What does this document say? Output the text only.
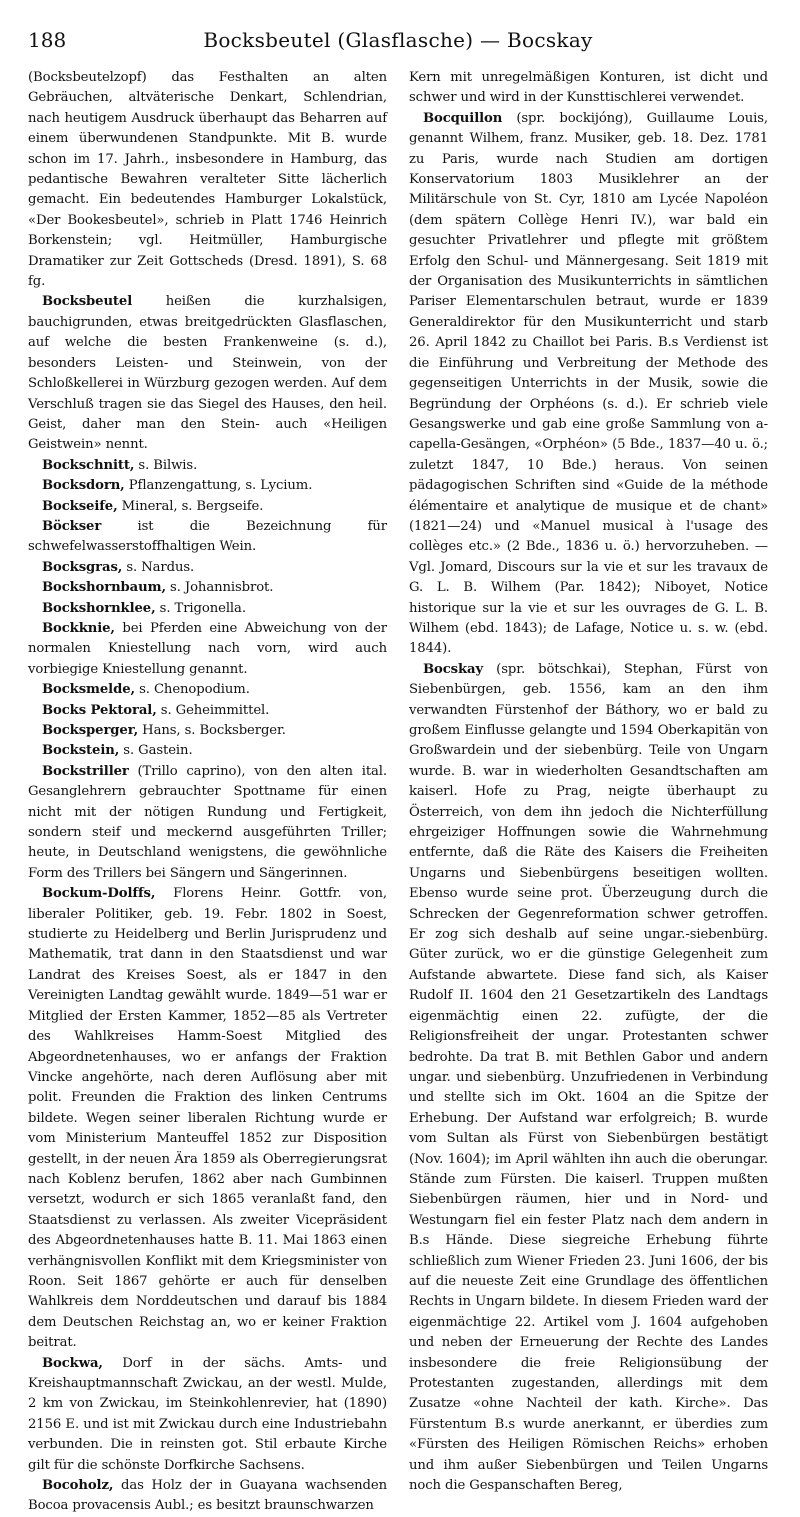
188	Bocksbeutel (Glasflasche) — Bocskay

(Bocksbeutelzopf) das Festhalten an alten Gebräuchen, altväterische Denkart, Schlendrian, nach heutigem Ausdruck überhaupt das Beharren auf einem überwundenen Standpunkte. Mit B. wurde schon im 17. Jahrh., insbesondere in Hamburg, das pedantische Bewahren veralteter Sitte lächerlich gemacht. Ein bedeutendes Hamburger Lokalstück, «Der Bookesbeutel», schrieb in Platt 1746 Heinrich Borkenstein; vgl. Heitmüller, Hamburgische Dramatiker zur Zeit Gottscheds (Dresd. 1891), S. 68 fg.

Bocksbeutel heißen die kurzhalsigen, bauchigrunden, etwas breitgedrückten Glasflaschen, auf welche die besten Frankenweine (s. d.), besonders Leisten- und Steinwein, von der Schloßkellerei in Würzburg gezogen werden. Auf dem Verschluß tragen sie das Siegel des Hauses, den heil. Geist, daher man den Stein- auch «Heiligen Geistwein» nennt.

Bockschnitt, s. Bilwis.

Bocksdorn, Pflanzengattung, s. Lycium.

Bockseife, Mineral, s. Bergseife.

Böckser ist die Bezeichnung für schwefelwasserstoffhaltigen Wein.

Bocksgras, s. Nardus.

Bockshornbaum, s. Johannisbrot.

Bockshornklee, s. Trigonella.

Bockknie, bei Pferden eine Abweichung von der normalen Kniestellung nach vorn, wird auch vorbiegige Kniestellung genannt.

Bocksmelde, s. Chenopodium.

Bocks Pektoral, s. Geheimmittel.

Bocksperger, Hans, s. Bocksberger.

Bockstein, s. Gastein.

Bockstriller (Trillo caprino), von den alten ital. Gesanglehrern gebrauchter Spottname für einen nicht mit der nötigen Rundung und Fertigkeit, sondern steif und meckernd ausgeführten Triller; heute, in Deutschland wenigstens, die gewöhnliche Form des Trillers bei Sängern und Sängerinnen.

Bockum-Dolffs, Florens Heinr. Gottfr. von, liberaler Politiker, geb. 19. Febr. 1802 in Soest, studierte zu Heidelberg und Berlin Jurisprudenz und Mathematik, trat dann in den Staatsdienst und war Landrat des Kreises Soest, als er 1847 in den Vereinigten Landtag gewählt wurde. 1849—51 war er Mitglied der Ersten Kammer, 1852—85 als Vertreter des Wahlkreises Hamm-Soest Mitglied des Abgeordnetenhauses, wo er anfangs der Fraktion Vincke angehörte, nach deren Auflösung aber mit polit. Freunden die Fraktion des linken Centrums bildete. Wegen seiner liberalen Richtung wurde er vom Ministerium Manteuffel 1852 zur Disposition gestellt, in der neuen Ära 1859 als Oberregierungsrat nach Koblenz berufen, 1862 aber nach Gumbinnen versetzt, wodurch er sich 1865 veranlaßt fand, den Staatsdienst zu verlassen. Als zweiter Vicepräsident des Abgeordnetenhauses hatte B. 11. Mai 1863 einen verhängnisvollen Konflikt mit dem Kriegsminister von Roon. Seit 1867 gehörte er auch für denselben Wahlkreis dem Norddeutschen und darauf bis 1884 dem Deutschen Reichstag an, wo er keiner Fraktion beitrat.

Bockwa, Dorf in der sächs. Amts- und Kreishauptmannschaft Zwickau, an der westl. Mulde, 2 km von Zwickau, im Steinkohlenrevier, hat (1890) 2156 E. und ist mit Zwickau durch eine Industriebahn verbunden. Die in reinsten got. Stil erbaute Kirche gilt für die schönste Dorfkirche Sachsens.

Bocoholz, das Holz der in Guayana wachsenden Bocoa provacensis Aubl.; es besitzt braunschwarzen

Kern mit unregelmäßigen Konturen, ist dicht und schwer und wird in der Kunsttischlerei verwendet.

Bocquillon (spr. bockijóng), Guillaume Louis, genannt Wilhem, franz. Musiker, geb. 18. Dez. 1781 zu Paris, wurde nach Studien am dortigen Konservatorium 1803 Musiklehrer an der Militärschule von St. Cyr, 1810 am Lycée Napoléon (dem spätern Collège Henri IV.), war bald ein gesuchter Privatlehrer und pflegte mit größtem Erfolg den Schul- und Männergesang. Seit 1819 mit der Organisation des Musikunterrichts in sämtlichen Pariser Elementarschulen betraut, wurde er 1839 Generaldirektor für den Musikunterricht und starb 26. April 1842 zu Chaillot bei Paris. B.s Verdienst ist die Einführung und Verbreitung der Methode des gegenseitigen Unterrichts in der Musik, sowie die Begründung der Orphéons (s. d.). Er schrieb viele Gesangswerke und gab eine große Sammlung von a-capella-Gesängen, «Orphéon» (5 Bde., 1837—40 u. ö.; zuletzt 1847, 10 Bde.) heraus. Von seinen pädagogischen Schriften sind «Guide de la méthode élémentaire et analytique de musique et de chant» (1821—24) und «Manuel musical à l'usage des collèges etc.» (2 Bde., 1836 u. ö.) hervorzuheben. — Vgl. Jomard, Discours sur la vie et sur les travaux de G. L. B. Wilhem (Par. 1842); Niboyet, Notice historique sur la vie et sur les ouvrages de G. L. B. Wilhem (ebd. 1843); de Lafage, Notice u. s. w. (ebd. 1844).

Bocskay (spr. bötschkai), Stephan, Fürst von Siebenbürgen, geb. 1556, kam an den ihm verwandten Fürstenhof der Báthory, wo er bald zu großem Einflusse gelangte und 1594 Oberkapitän von Großwardein und der siebenbürg. Teile von Ungarn wurde. B. war in wiederholten Gesandtschaften am kaiserl. Hofe zu Prag, neigte überhaupt zu Österreich, von dem ihn jedoch die Nichterfüllung ehrgeiziger Hoffnungen sowie die Wahrnehmung entfernte, daß die Räte des Kaisers die Freiheiten Ungarns und Siebenbürgens beseitigen wollten. Ebenso wurde seine prot. Überzeugung durch die Schrecken der Gegenreformation schwer getroffen. Er zog sich deshalb auf seine ungar.-siebenbürg. Güter zurück, wo er die günstige Gelegenheit zum Aufstande abwartete. Diese fand sich, als Kaiser Rudolf II. 1604 den 21 Gesetzartikeln des Landtags eigenmächtig einen 22. zufügte, der die Religionsfreiheit der ungar. Protestanten schwer bedrohte. Da trat B. mit Bethlen Gabor und andern ungar. und siebenbürg. Unzufriedenen in Verbindung und stellte sich im Okt. 1604 an die Spitze der Erhebung. Der Aufstand war erfolgreich; B. wurde vom Sultan als Fürst von Siebenbürgen bestätigt (Nov. 1604); im April wählten ihn auch die oberungar. Stände zum Fürsten. Die kaiserl. Truppen mußten Siebenbürgen räumen, hier und in Nord- und Westungarn fiel ein fester Platz nach dem andern in B.s Hände. Diese siegreiche Erhebung führte schließlich zum Wiener Frieden 23. Juni 1606, der bis auf die neueste Zeit eine Grundlage des öffentlichen Rechts in Ungarn bildete. In diesem Frieden ward der eigenmächtige 22. Artikel vom J. 1604 aufgehoben und neben der Erneuerung der Rechte des Landes insbesondere die freie Religionsübung der Protestanten zugestanden, allerdings mit dem Zusatze «ohne Nachteil der kath. Kirche». Das Fürstentum B.s wurde anerkannt, er überdies zum «Fürsten des Heiligen Römischen Reichs» erhoben und ihm außer Siebenbürgen und Teilen Ungarns noch die Gespanschaften Bereg,
